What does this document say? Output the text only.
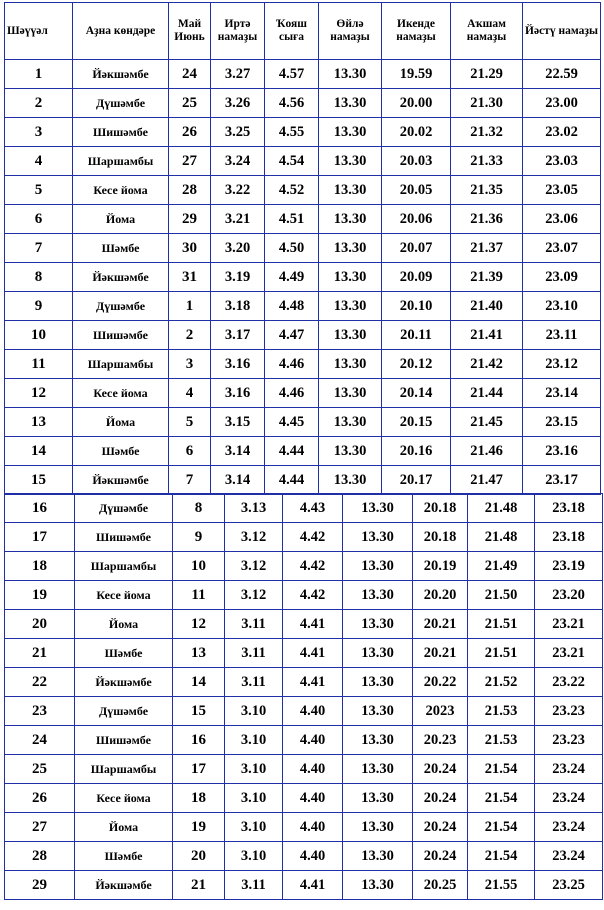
Шәүүәл	Аҙна көндәре	Май Июнь	Иртә намаҙы	Ҡояш сыға	Өйлә намаҙы	Икенде намаҙы	Аҡшам намаҙы	Йәстү намаҙы
1	Йәкшәмбе	24	3.27	4.57	13.30	19.59	21.29	22.59
2	Дүшәмбе	25	3.26	4.56	13.30	20.00	21.30	23.00
3	Шишәмбе	26	3.25	4.55	13.30	20.02	21.32	23.02
4	Шаршамбы	27	3.24	4.54	13.30	20.03	21.33	23.03
5	Кесе йома	28	3.22	4.52	13.30	20.05	21.35	23.05
6	Йома	29	3.21	4.51	13.30	20.06	21.36	23.06
7	Шәмбе	30	3.20	4.50	13.30	20.07	21.37	23.07
8	Йәкшәмбе	31	3.19	4.49	13.30	20.09	21.39	23.09
9	Дүшәмбе	1	3.18	4.48	13.30	20.10	21.40	23.10
10	Шишәмбе	2	3.17	4.47	13.30	20.11	21.41	23.11
11	Шаршамбы	3	3.16	4.46	13.30	20.12	21.42	23.12
12	Кесе йома	4	3.16	4.46	13.30	20.14	21.44	23.14
13	Йома	5	3.15	4.45	13.30	20.15	21.45	23.15
14	Шәмбе	6	3.14	4.44	13.30	20.16	21.46	23.16
15	Йәкшәмбе	7	3.14	4.44	13.30	20.17	21.47	23.17
16	Дүшәмбе	8	3.13	4.43	13.30	20.18	21.48	23.18
17	Шишәмбе	9	3.12	4.42	13.30	20.18	21.48	23.18
18	Шаршамбы	10	3.12	4.42	13.30	20.19	21.49	23.19
19	Кесе йома	11	3.12	4.42	13.30	20.20	21.50	23.20
20	Йома	12	3.11	4.41	13.30	20.21	21.51	23.21
21	Шәмбе	13	3.11	4.41	13.30	20.21	21.51	23.21
22	Йәкшәмбе	14	3.11	4.41	13.30	20.22	21.52	23.22
23	Дүшәмбе	15	3.10	4.40	13.30	2023	21.53	23.23
24	Шишәмбе	16	3.10	4.40	13.30	20.23	21.53	23.23
25	Шаршамбы	17	3.10	4.40	13.30	20.24	21.54	23.24
26	Кесе йома	18	3.10	4.40	13.30	20.24	21.54	23.24
27	Йома	19	3.10	4.40	13.30	20.24	21.54	23.24
28	Шәмбе	20	3.10	4.40	13.30	20.24	21.54	23.24
29	Йәкшәмбе	21	3.11	4.41	13.30	20.25	21.55	23.25
